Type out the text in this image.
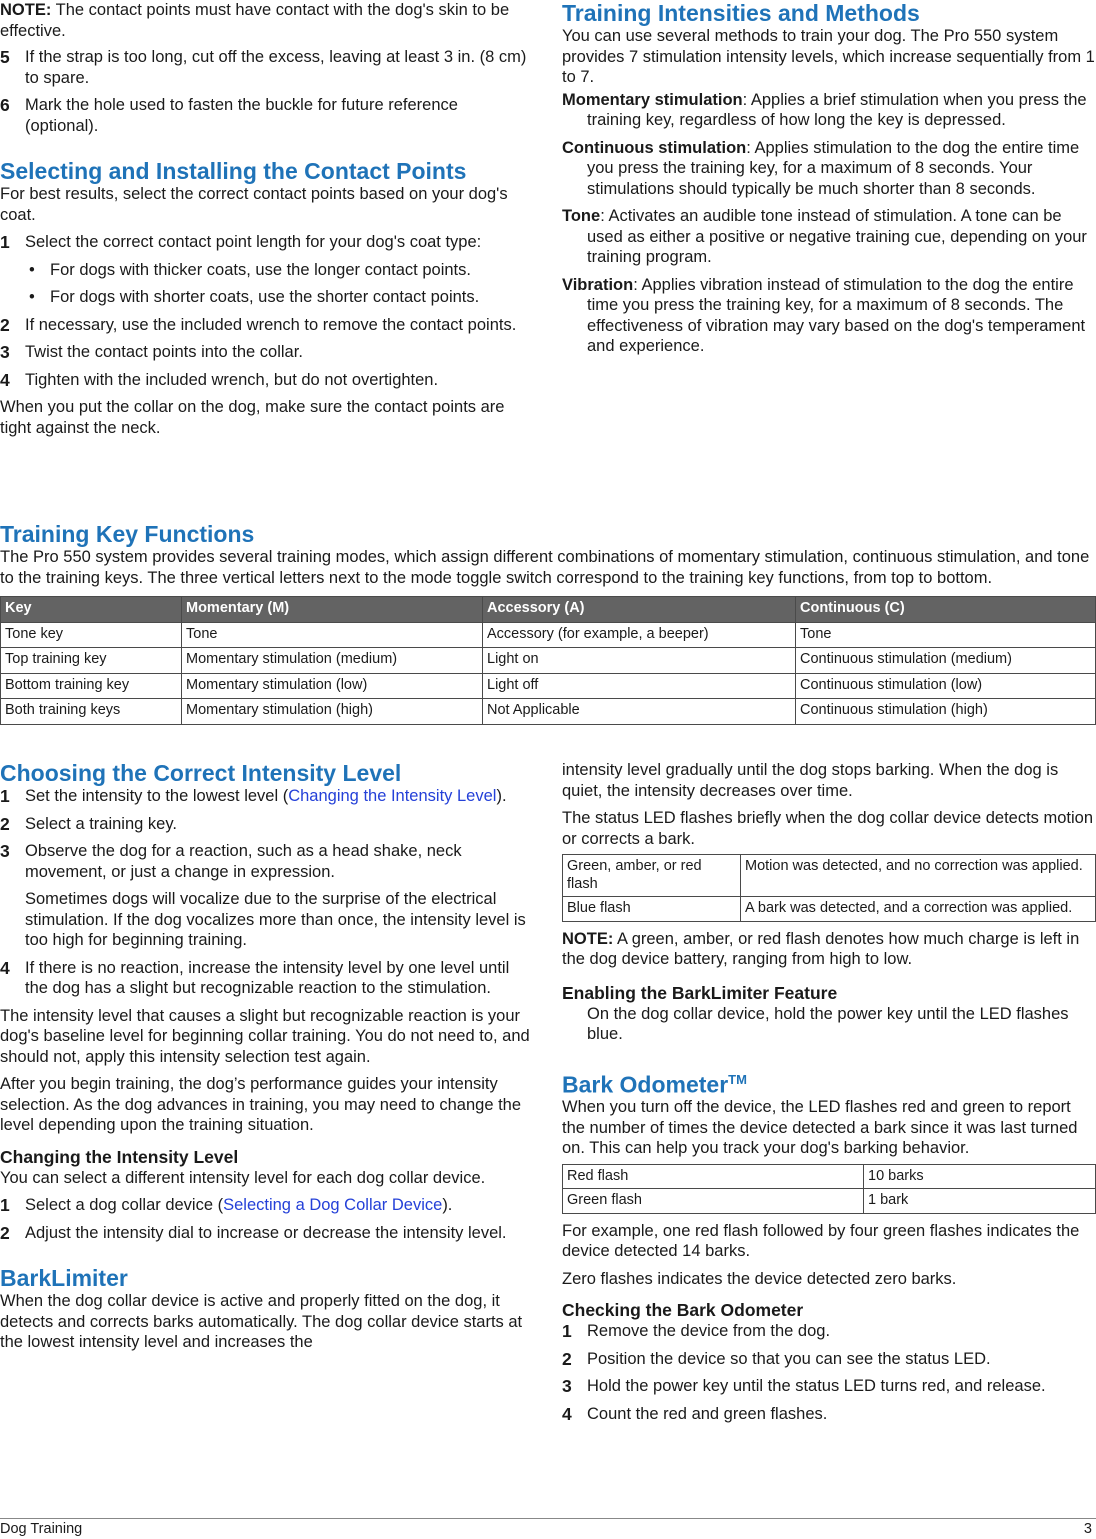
NOTE: The contact points must have contact with the dog's skin to be effective.

5 If the strap is too long, cut off the excess, leaving at least 3 in. (8 cm) to spare.
6 Mark the hole used to fasten the buckle for future reference (optional).
Selecting and Installing the Contact Points

For best results, select the correct contact points based on your dog's coat.

1 Select the correct contact point length for your dog's coat type:
• For dogs with thicker coats, use the longer contact points.
• For dogs with shorter coats, use the shorter contact points.
2 If necessary, use the included wrench to remove the contact points.
3 Twist the contact points into the collar.
4 Tighten with the included wrench, but do not overtighten.

When you put the collar on the dog, make sure the contact points are tight against the neck.

Training Intensities and Methods

You can use several methods to train your dog. The Pro 550 system provides 7 stimulation intensity levels, which increase sequentially from 1 to 7.

Momentary stimulation: Applies a brief stimulation when you press the training key, regardless of how long the key is depressed.
Continuous stimulation: Applies stimulation to the dog the entire time you press the training key, for a maximum of 8 seconds. Your stimulations should typically be much shorter than 8 seconds.
Tone: Activates an audible tone instead of stimulation. A tone can be used as either a positive or negative training cue, depending on your training program.
Vibration: Applies vibration instead of stimulation to the dog the entire time you press the training key, for a maximum of 8 seconds. The effectiveness of vibration may vary based on the dog's temperament and experience.
Training Key Functions

The Pro 550 system provides several training modes, which assign different combinations of momentary stimulation, continuous stimulation, and tone to the training keys. The three vertical letters next to the mode toggle switch correspond to the training key functions, from top to bottom.

Key	Momentary (M)	Accessory (A)	Continuous (C)
Tone key	Tone	Accessory (for example, a beeper)	Tone
Top training key	Momentary stimulation (medium)	Light on	Continuous stimulation (medium)
Bottom training key	Momentary stimulation (low)	Light off	Continuous stimulation (low)
Both training keys	Momentary stimulation (high)	Not Applicable	Continuous stimulation (high)
Choosing the Correct Intensity Level
1 Set the intensity to the lowest level (Changing the Intensity Level).
2 Select a training key.
3 Observe the dog for a reaction, such as a head shake, neck movement, or just a change in expression.
Sometimes dogs will vocalize due to the surprise of the electrical stimulation. If the dog vocalizes more than once, the intensity level is too high for beginning training.
4 If there is no reaction, increase the intensity level by one level until the dog has a slight but recognizable reaction to the stimulation.

The intensity level that causes a slight but recognizable reaction is your dog's baseline level for beginning collar training. You do not need to, and should not, apply this intensity selection test again.

After you begin training, the dog’s performance guides your intensity selection. As the dog advances in training, you may need to change the level depending upon the training situation.

Changing the Intensity Level

You can select a different intensity level for each dog collar device.

1 Select a dog collar device (Selecting a Dog Collar Device).
2 Adjust the intensity dial to increase or decrease the intensity level.
BarkLimiter

When the dog collar device is active and properly fitted on the dog, it detects and corrects barks automatically. The dog collar device starts at the lowest intensity level and increases the

intensity level gradually until the dog stops barking. When the dog is quiet, the intensity decreases over time.

The status LED flashes briefly when the dog collar device detects motion or corrects a bark.

Green, amber, or red flash	Motion was detected, and no correction was applied.
Blue flash	A bark was detected, and a correction was applied.

NOTE: A green, amber, or red flash denotes how much charge is left in the dog device battery, ranging from high to low.

Enabling the BarkLimiter Feature

On the dog collar device, hold the power key until the LED flashes blue.

Bark Odometer™

When you turn off the device, the LED flashes red and green to report the number of times the device detected a bark since it was last turned on. This can help you track your dog's barking behavior.

Red flash	10 barks
Green flash	1 bark

For example, one red flash followed by four green flashes indicates the device detected 14 barks.

Zero flashes indicates the device detected zero barks.

Checking the Bark Odometer
1 Remove the device from the dog.
2 Position the device so that you can see the status LED.
3 Hold the power key until the status LED turns red, and release.
4 Count the red and green flashes.
Dog Training	3
